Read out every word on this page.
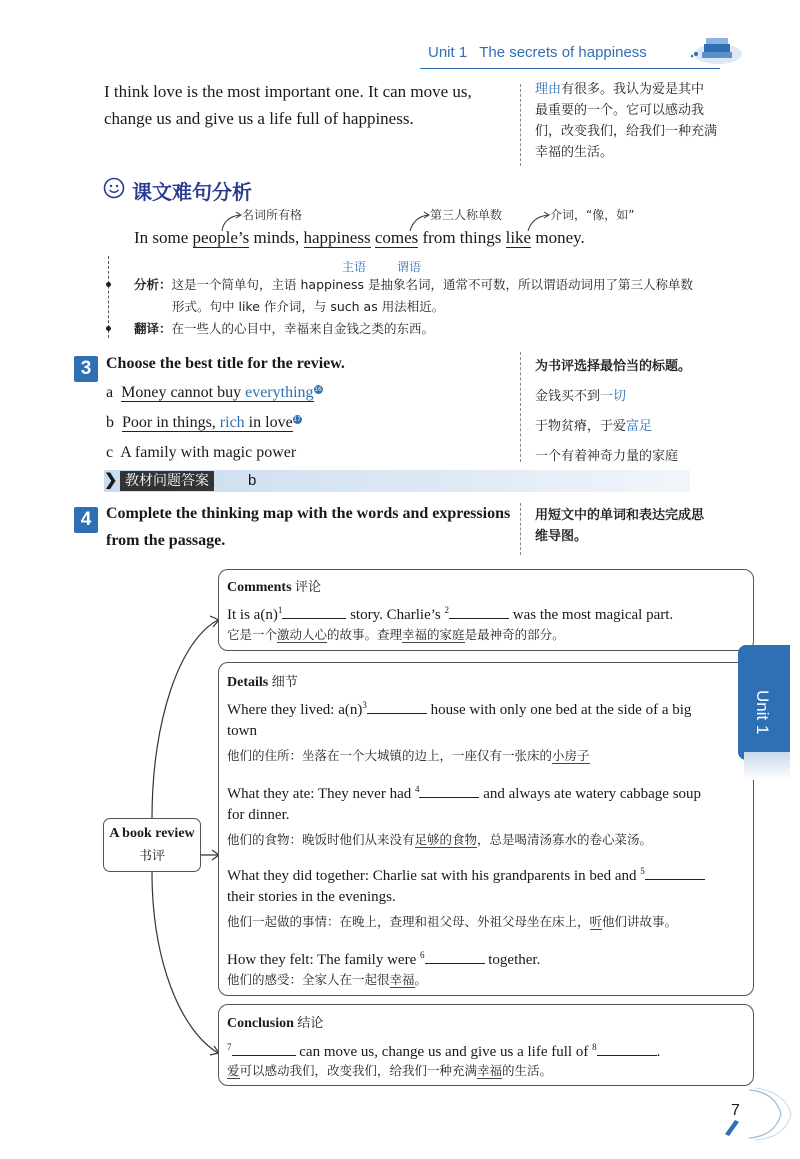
Unit 1 The secrets of happiness
I think love is the most important one. It can move us,
change us and give us a life full of happiness.
理由有很多。我认为爱是其中
最重要的一个。它可以感动我
们，改变我们，给我们一种充满
幸福的生活。
课文难句分析
名词所有格	第三人称单数	介词，“像，如”
In some people’s minds, happiness comes from things like money.
主语	谓语
分析：这是一个简单句，主语 happiness 是抽象名词，通常不可数，所以谓语动词用了第三人称单数
形式。句中 like 作介词，与 such as 用法相近。
翻译：在一些人的心目中，幸福来自金钱之类的东西。
3 Choose the best title for the review.	为书评选择最恰当的标题。
a Money cannot buy everything16
b Poor in things, rich in love17
c A family with magic power
金钱买不到一切
于物贫瘠，于爱富足
一个有着神奇力量的家庭
❯ 教材问题答案	b
4 Complete the thinking map with the words and expressions
from the passage.
用短文中的单词和表达完成思
维导图。
A book review
书评
Comments 评论
It is $a(n)^1$	story. Charlie’s $^2$	was the most magical part.
它是一个激动人心的故事。查理幸福的家庭是最神奇的部分。
Details 细节
Where they lived: $a(n)^3$	house with only one bed at the side of a big
town
他们的住所：坐落在一个大城镇的边上，一座仅有一张床的小房子
What they ate: They never had $^4$	and always ate watery cabbage soup
for dinner.
他们的食物：晚饭时他们从来没有足够的食物，总是喝清汤寡水的卷心菜汤。
What they did together: Charlie sat with his grandparents in bed and $^5$
their stories in the evenings.
他们一起做的事情：在晚上，查理和祖父母、外祖父母坐在床上，听他们讲故事。
How they felt: The family were $^6$	together.
他们的感受：全家人在一起很幸福。
Conclusion 结论
$^7$	can move us, change us and give us a life full of $^8$	.
爱可以感动我们，改变我们，给我们一种充满幸福的生活。
Unit 1
7
